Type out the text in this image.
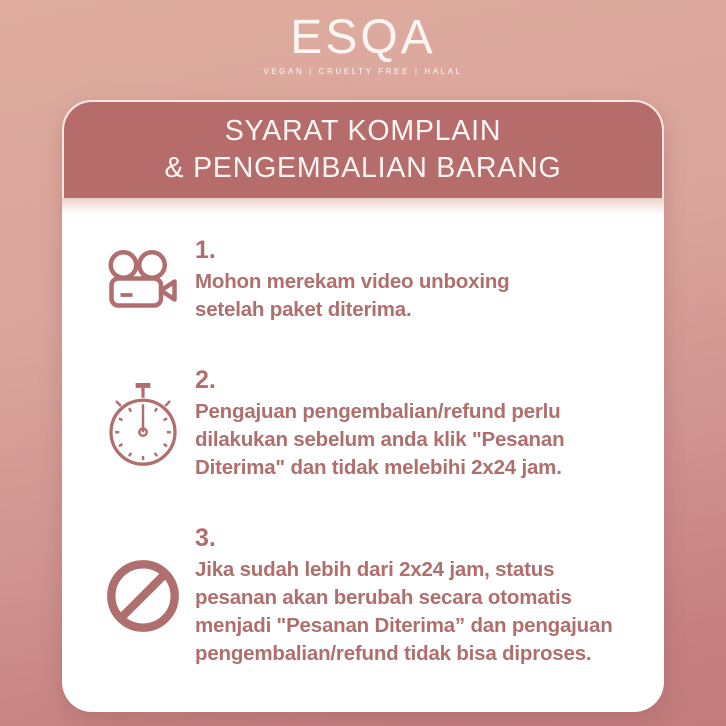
ESQA
VEGAN | CRUELTY FREE | HALAL
SYARAT KOMPLAIN
& PENGEMBALIAN BARANG
1.
Mohon merekam video unboxing
setelah paket diterima.
2.
Pengajuan pengembalian/refund perlu
dilakukan sebelum anda klik "Pesanan
Diterima" dan tidak melebihi 2x24 jam.
3.
Jika sudah lebih dari 2x24 jam, status
pesanan akan berubah secara otomatis
menjadi "Pesanan Diterima” dan pengajuan
pengembalian/refund tidak bisa diproses.
